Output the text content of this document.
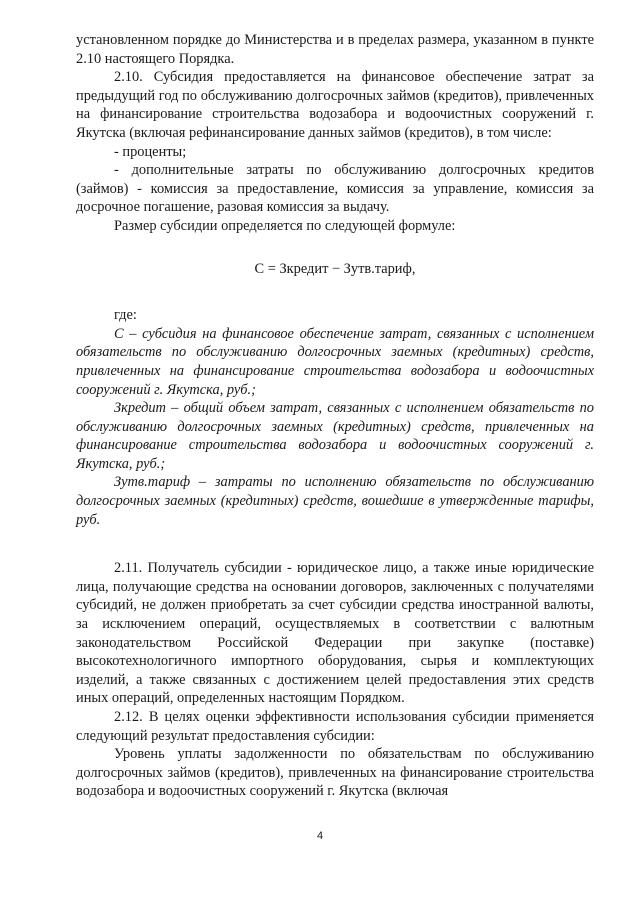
установленном порядке до Министерства и в пределах размера, указанном в пункте 2.10 настоящего Порядка.

2.10. Субсидия предоставляется на финансовое обеспечение затрат за предыдущий год по обслуживанию долгосрочных займов (кредитов), привлеченных на финансирование строительства водозабора и водоочистных сооружений г. Якутска (включая рефинансирование данных займов (кредитов), в том числе:

- проценты;

- дополнительные затраты по обслуживанию долгосрочных кредитов (займов) - комиссия за предоставление, комиссия за управление, комиссия за досрочное погашение, разовая комиссия за выдачу.

Размер субсидии определяется по следующей формуле:

С = Зкредит − Зутв.тариф,

где:

С – субсидия на финансовое обеспечение затрат, связанных с исполнением обязательств по обслуживанию долгосрочных заемных (кредитных) средств, привлеченных на финансирование строительства водозабора и водоочистных сооружений г. Якутска, руб.;

Зкредит – общий объем затрат, связанных с исполнением обязательств по обслуживанию долгосрочных заемных (кредитных) средств, привлеченных на финансирование строительства водозабора и водоочистных сооружений г. Якутска, руб.;

Зутв.тариф – затраты по исполнению обязательств по обслуживанию долгосрочных заемных (кредитных) средств, вошедшие в утвержденные тарифы, руб.

2.11. Получатель субсидии - юридическое лицо, а также иные юридические лица, получающие средства на основании договоров, заключенных с получателями субсидий, не должен приобретать за счет субсидии средства иностранной валюты, за исключением операций, осуществляемых в соответствии с валютным законодательством Российской Федерации при закупке (поставке) высокотехнологичного импортного оборудования, сырья и комплектующих изделий, а также связанных с достижением целей предоставления этих средств иных операций, определенных настоящим Порядком.

2.12. В целях оценки эффективности использования субсидии применяется следующий результат предоставления субсидии:

Уровень уплаты задолженности по обязательствам по обслуживанию долгосрочных займов (кредитов), привлеченных на финансирование строительства водозабора и водоочистных сооружений г. Якутска (включая

4
